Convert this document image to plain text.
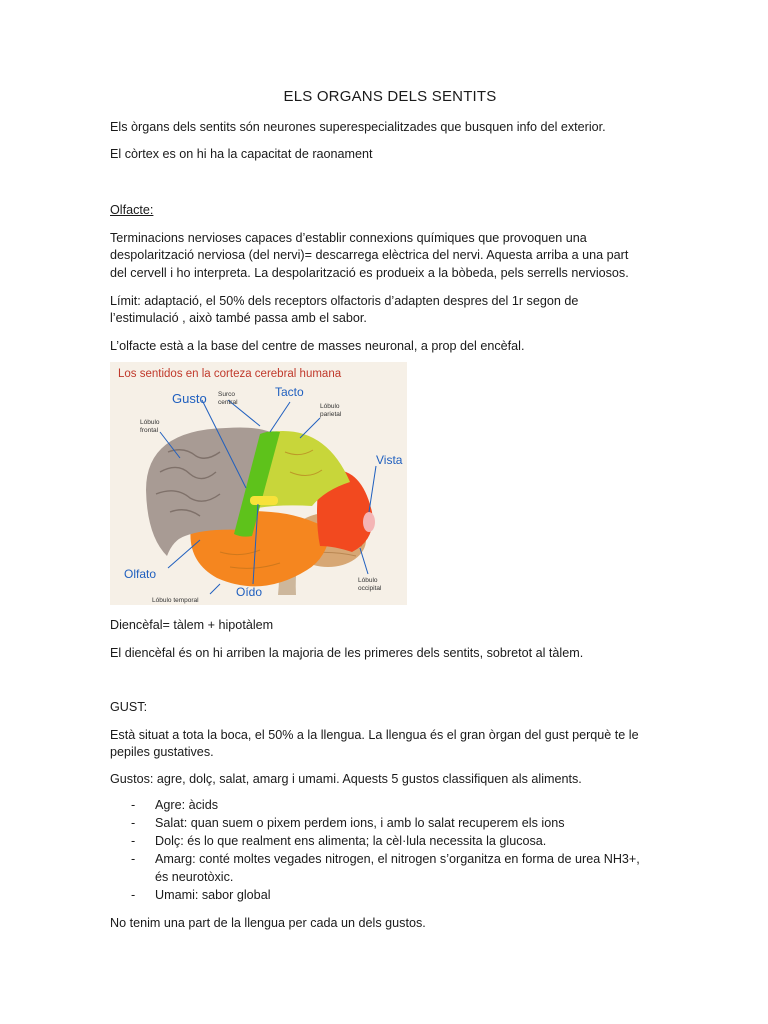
ELS ORGANS DELS SENTITS

Els òrgans dels sentits són neurones superespecialitzades que busquen info del exterior.

El còrtex es on hi ha la capacitat de raonament

Olfacte:

Terminacions nervioses capaces d’establir connexions químiques que provoquen una

despolarització nerviosa (del nervi)= descarrega elèctrica del nervi. Aquesta arriba a una part

del cervell i ho interpreta. La despolarització es produeix a la bòbeda, pels serrells nerviosos.

Límit: adaptació, el 50% dels receptors olfactoris d’adapten despres del 1r segon de

l’estimulació , això també passa amb el sabor.

L’olfacte està a la base del centre de masses neuronal, a prop del encèfal.

Los sentidos en la corteza cerebral humana
Gusto Surco
central
Tacto
Lóbulo
parietal
Lóbulo
frontal
Vista
Olfato
Oído
Lóbulo temporal
Lóbulo
occipital

Diencèfal= tàlem + hipotàlem

El diencèfal és on hi arriben la majoria de les primeres dels sentits, sobretot al tàlem.

GUST:

Està situat a tota la boca, el 50% a la llengua. La llengua és el gran òrgan del gust perquè te le

pepiles gustatives.

Gustos: agre, dolç, salat, amarg i umami. Aquests 5 gustos classifiquen als aliments.

- Agre: àcids
- Salat: quan suem o pixem perdem ions, i amb lo salat recuperem els ions
- Dolç: és lo que realment ens alimenta; la cèl·lula necessita la glucosa.
- Amarg: conté moltes vegades nitrogen, el nitrogen s’organitza en forma de urea NH3+,
és neurotòxic.
- Umami: sabor global

No tenim una part de la llengua per cada un dels gustos.
